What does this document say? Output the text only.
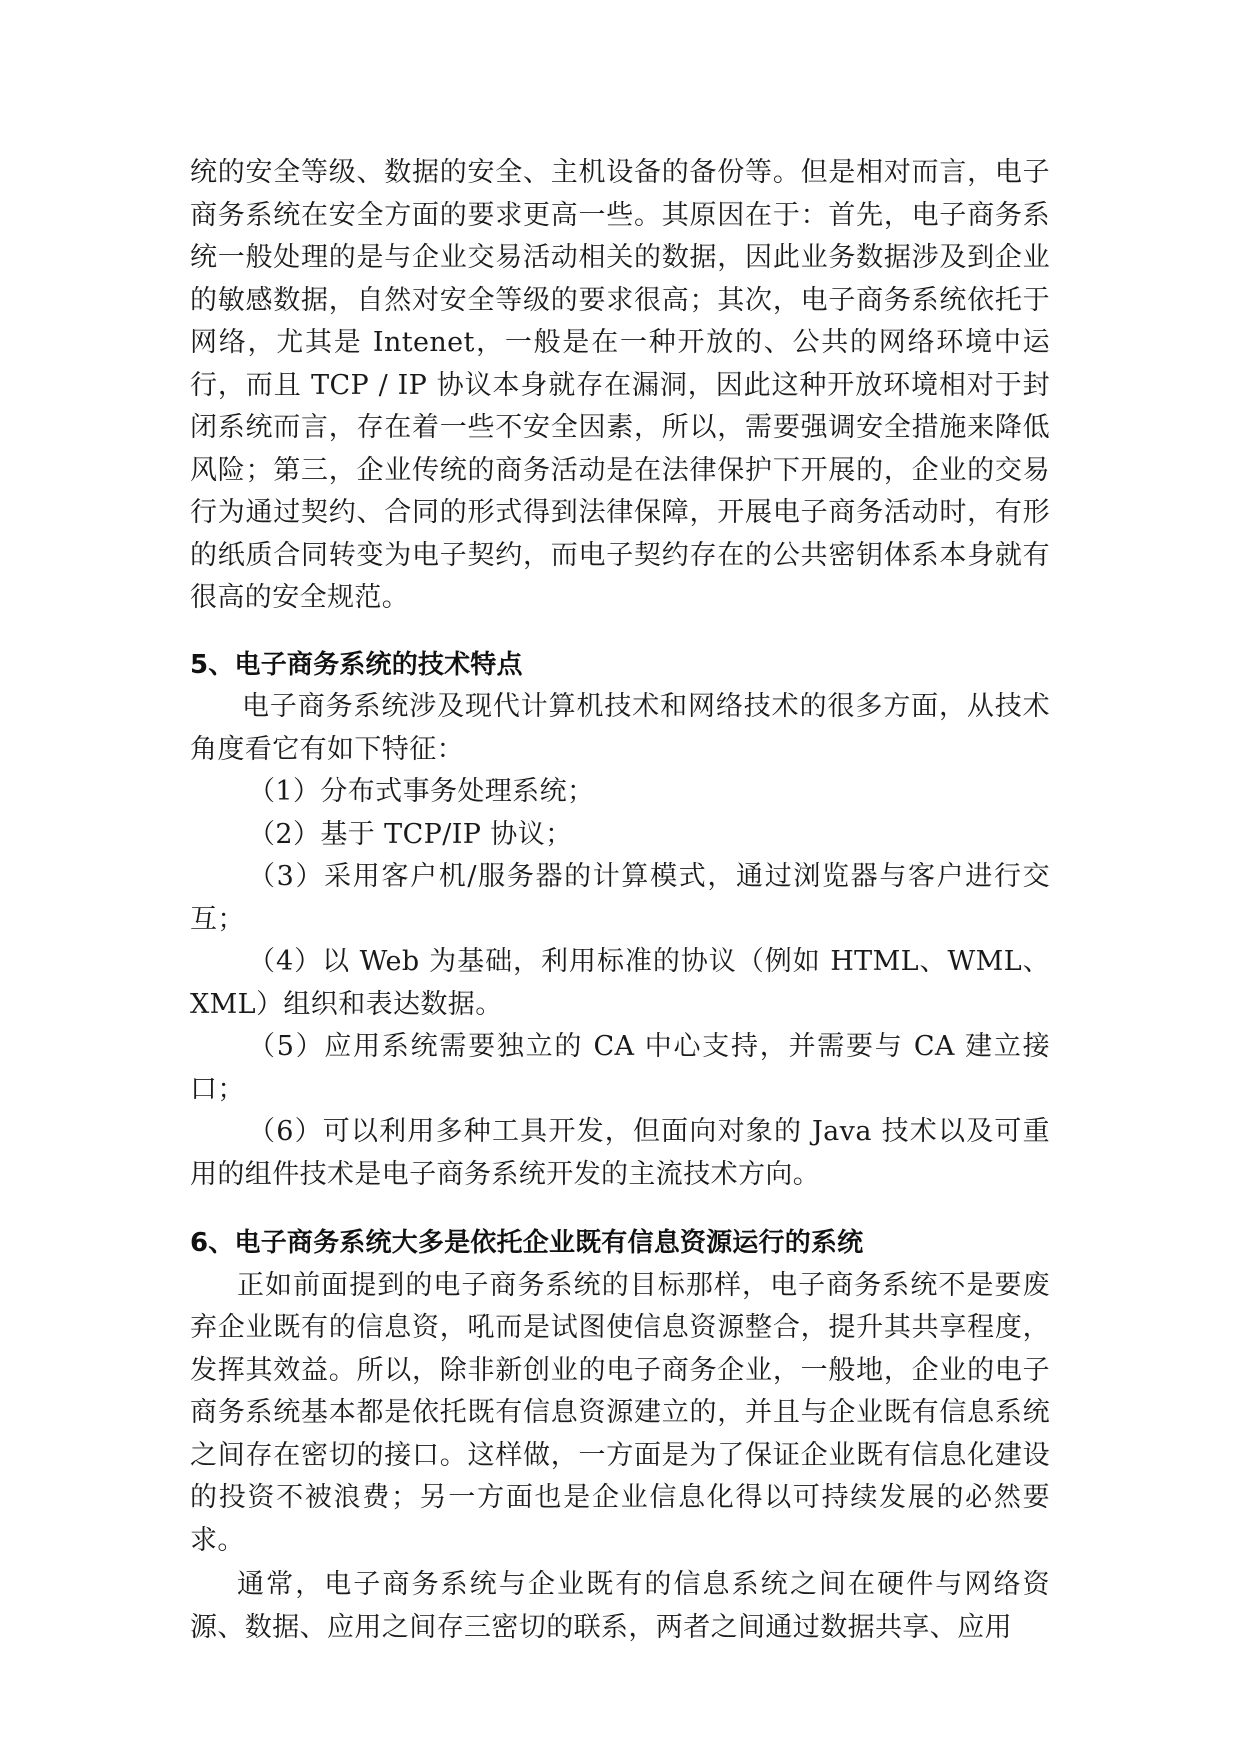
统的安全等级、数据的安全、主机设备的备份等。但是相对而言，电子商务系统在安全方面的要求更高一些。其原因在于：首先，电子商务系统一般处理的是与企业交易活动相关的数据，因此业务数据涉及到企业的敏感数据，自然对安全等级的要求很高；其次，电子商务系统依托于网络，尤其是 Intenet，一般是在一种开放的、公共的网络环境中运行，而且 TCP / IP 协议本身就存在漏洞，因此这种开放环境相对于封闭系统而言，存在着一些不安全因素，所以，需要强调安全措施来降低风险；第三，企业传统的商务活动是在法律保护下开展的，企业的交易行为通过契约、合同的形式得到法律保障，开展电子商务活动时，有形的纸质合同转变为电子契约，而电子契约存在的公共密钥体系本身就有很高的安全规范。

5、电子商务系统的技术特点

电子商务系统涉及现代计算机技术和网络技术的很多方面，从技术角度看它有如下特征：

（1）分布式事务处理系统；

（2）基于 TCP/IP 协议；

（3）采用客户机/服务器的计算模式，通过浏览器与客户进行交互；

（4）以 Web 为基础，利用标准的协议（例如 HTML、WML、XML）组织和表达数据。

（5）应用系统需要独立的 CA 中心支持，并需要与 CA 建立接口；

（6）可以利用多种工具开发，但面向对象的 Java 技术以及可重用的组件技术是电子商务系统开发的主流技术方向。

6、电子商务系统大多是依托企业既有信息资源运行的系统

正如前面提到的电子商务系统的目标那样，电子商务系统不是要废弃企业既有的信息资，吼而是试图使信息资源整合，提升其共享程度，发挥其效益。所以，除非新创业的电子商务企业，一般地，企业的电子商务系统基本都是依托既有信息资源建立的，并且与企业既有信息系统之间存在密切的接口。这样做，一方面是为了保证企业既有信息化建设的投资不被浪费；另一方面也是企业信息化得以可持续发展的必然要求。

通常，电子商务系统与企业既有的信息系统之间在硬件与网络资源、数据、应用之间存三密切的联系，两者之间通过数据共享、应用
